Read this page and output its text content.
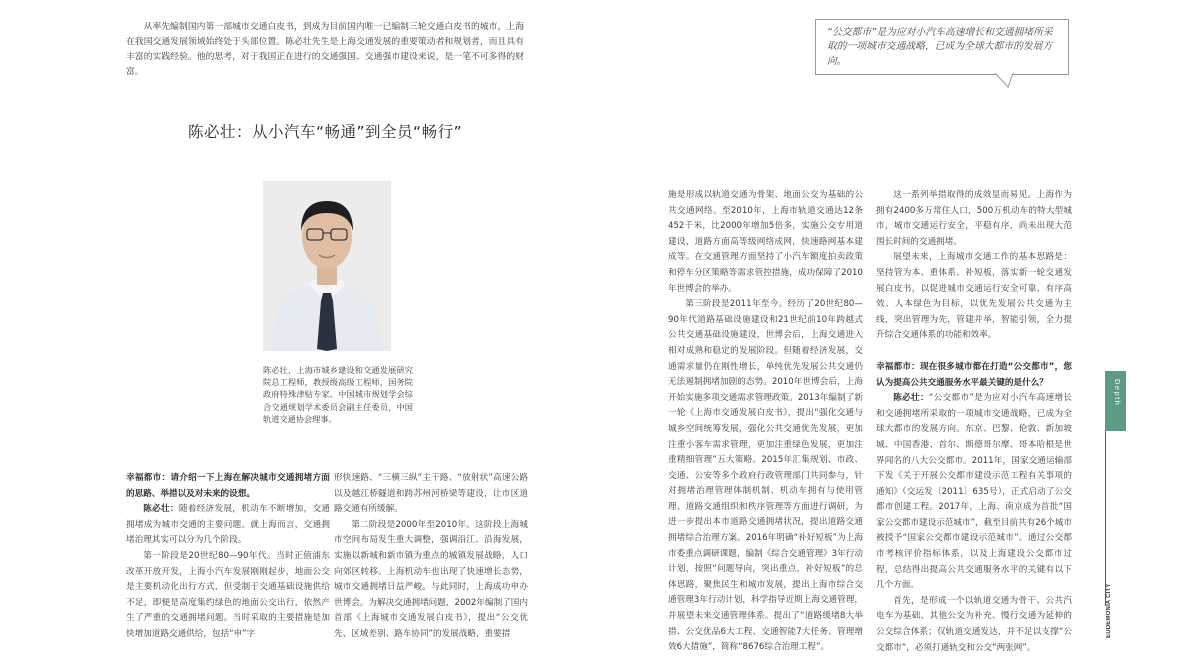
从率先编制国内第一部城市交通白皮书，到成为目前国内唯一已编制三轮交通白皮书的城市，上海在我国交通发展领域始终处于头部位置。陈必壮先生是上海交通发展的重要策动者和规划者，而且具有丰富的实践经验。他的思考，对于我国正在进行的交通强国、交通强市建设来说，是一笔不可多得的财富。

陈必壮：从小汽车“畅通”到全员“畅行”

陈必壮，上海市城乡建设和交通发展研究院总工程师，教授级高级工程师，国务院政府特殊津贴专家。中国城市规划学会综合交通规划学术委员会副主任委员，中国轨道交通协会理事。

幸福都市：请介绍一下上海在解决城市交通拥堵方面的思路、举措以及对未来的设想。

陈必壮：随着经济发展，机动车不断增加，交通拥堵成为城市交通的主要问题。就上海而言，交通拥堵治理其实可以分为几个阶段。

第一阶段是20世纪80—90年代。当时正值浦东改革开放开发，上海小汽车发展刚刚起步，地面公交是主要机动化出行方式，但受制于交通基础设施供给不足，即便是高度集约绿色的地面公交出行，依然产生了严重的交通拥堵问题。当时采取的主要措施是加快增加道路交通供给，包括“申”字

形快速路、“三横三纵”主干路、“放射状”高速公路以及越江桥隧道和跨苏州河桥梁等建设，让市区道路交通有所缓解。

第二阶段是2000年至2010年。这阶段上海城市空间布局发生重大调整，强调沿江、沿海发展，实施以新城和新市镇为重点的城镇发展战略，人口向郊区转移。上海机动车也出现了快速增长态势，城市交通拥堵日益严峻。与此同时，上海成功申办世博会。为解决交通拥堵问题，2002年编制了国内首部《上海城市交通发展白皮书》，提出“公交优先、区域差别、路车协同”的发展战略，重要措

施是形成以轨道交通为骨架、地面公交为基础的公共交通网络。至2010年，上海市轨道交通达12条452千米，比2000年增加5倍多，实施公交专用道建设，道路方面高等级网络成网，快速路网基本建成等。在交通管理方面坚持了小汽车额度拍卖政策和停车分区策略等需求管控措施，成功保障了2010年世博会的举办。

第三阶段是2011年至今。经历了20世纪80—90年代道路基础设施建设和21世纪前10年跨越式公共交通基础设施建设，世博会后，上海交通进入相对成熟和稳定的发展阶段。但随着经济发展，交通需求量仍在刚性增长，单纯优先发展公共交通仍无法遏制拥堵加剧的态势。2010年世博会后，上海开始实施多项交通需求管理政策。2013年编制了新一轮《上海市交通发展白皮书》，提出“强化交通与城乡空间统筹发展，强化公共交通优先发展，更加注重小客车需求管理，更加注重绿色发展，更加注重精细管理”五大策略。2015年汇集规划、市政、交通、公安等多个政府行政管理部门共同参与，针对拥堵治理管理体制机制、机动车拥有与使用管理、道路交通组织和秩序管理等方面进行调研，为进一步提出本市道路交通拥堵状况，提出道路交通拥堵综合治理方案。2016年明确“补好短板”为上海市委重点调研课题，编制《综合交通管理》3年行动计划，按照“问题导向，突出重点，补好短板”的总体思路，聚焦民生和城市发展，提出上海市综合交通管理3年行动计划，科学指导近期上海交通管理，并展望未来交通管理体系。提出了“道路缓堵8大举措、公交优品6大工程、交通智能7大任务、管理增效6大措施”，简称“8676综合治理工程”。

这一系列举措取得的成效显而易见。上海作为拥有2400多万常住人口，500万机动车的特大型城市，城市交通运行安全，平稳有序，尚未出现大范围长时间的交通拥堵。

展望未来，上海城市交通工作的基本思路是：坚持管为本、重体系、补短板，落实新一轮交通发展白皮书，以促进城市交通运行安全可靠、有序高效、人本绿色为目标，以优先发展公共交通为主线，突出管理为先，管建并举，智能引领，全力提升综合交通体系的功能和效率。

幸福都市：现在很多城市都在打造“公交都市”，您认为提高公共交通服务水平最关键的是什么？

陈必壮：“公交都市”是为应对小汽车高速增长和交通拥堵所采取的一项城市交通战略，已成为全球大都市的发展方向。东京、巴黎、伦敦、新加坡城、中国香港、首尔、斯德哥尔摩、哥本哈根是世界闻名的八大公交都市。2011年，国家交通运输部下发《关于开展公交都市建设示范工程有关事项的通知》（交运发〔2011〕635号），正式启动了公交都市创建工程。2017年，上海、南京成为首批“国家公交都市建设示范城市”，截至目前共有26个城市被授予“国家公交都市建设示范城市”。通过公交都市考核评价指标体系，以及上海建设公交都市过程，总结得出提高公共交通服务水平的关键有以下几个方面。

首先，是形成一个以轨道交通为骨干、公共汽电车为基础、其他公交为补充、慢行交通为延伸的公交综合体系；仅轨道交通发达，并不足以支撑“公交都市”，必须打通轨交和公交“两张网”。

“公交都市”是为应对小汽车高速增长和交通拥堵所采取的一项城市交通战略，已成为全球大都市的发展方向。
Depth
EUDEMONIA CITY
